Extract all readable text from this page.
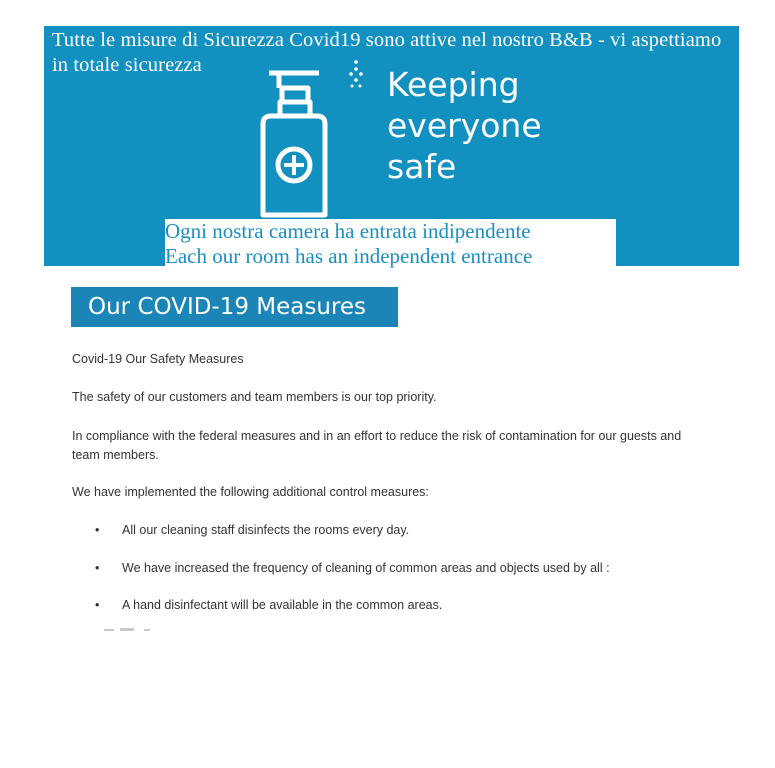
Keeping
everyone
safe
Tutte le misure di Sicurezza Covid19 sono attive nel nostro B&B - vi aspettiamo in totale sicurezza
Ogni nostra camera ha entrata indipendente
Each our room has an independent entrance
Our COVID-19 Measures
Covid-19 Our Safety Measures
The safety of our customers and team members is our top priority.
In compliance with the federal measures and in an effort to reduce the risk of contamination for our guests and team members.
We have implemented the following additional control measures:
• All our cleaning staff disinfects the rooms every day.
• We have increased the frequency of cleaning of common areas and objects used by all :
• A hand disinfectant will be available in the common areas.
